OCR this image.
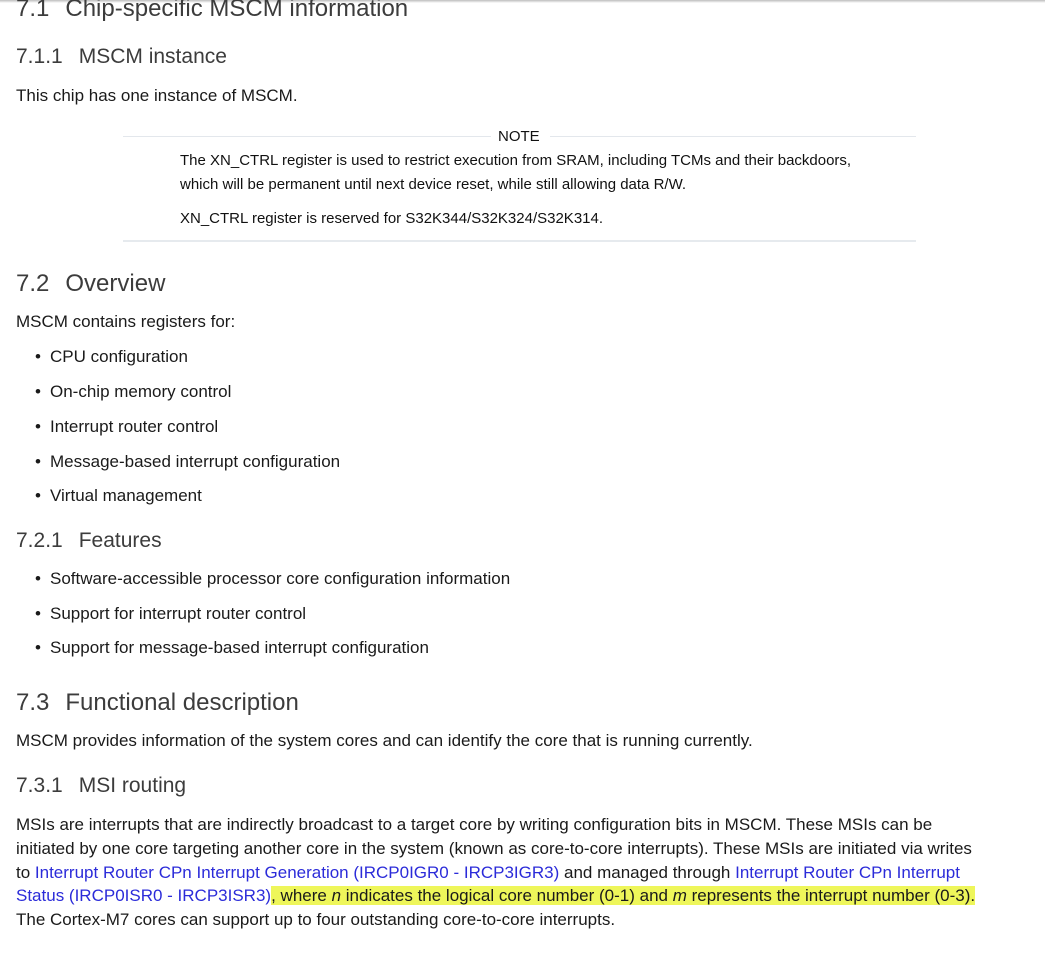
7.1 Chip-specific MSCM information
7.1.1 MSCM instance
This chip has one instance of MSCM.
NOTE
The XN_CTRL register is used to restrict execution from SRAM, including TCMs and their backdoors,
which will be permanent until next device reset, while still allowing data R/W.
XN_CTRL register is reserved for S32K344/S32K324/S32K314.
7.2 Overview
MSCM contains registers for:
• CPU configuration
• On-chip memory control
• Interrupt router control
• Message-based interrupt configuration
• Virtual management
7.2.1 Features
• Software-accessible processor core configuration information
• Support for interrupt router control
• Support for message-based interrupt configuration
7.3 Functional description
MSCM provides information of the system cores and can identify the core that is running currently.
7.3.1 MSI routing
MSIs are interrupts that are indirectly broadcast to a target core by writing configuration bits in MSCM. These MSIs can be
initiated by one core targeting another core in the system (known as core-to-core interrupts). These MSIs are initiated via writes
to Interrupt Router CPn Interrupt Generation (IRCP0IGR0 - IRCP3IGR3) and managed through Interrupt Router CPn Interrupt
Status (IRCP0ISR0 - IRCP3ISR3), where n indicates the logical core number (0-1) and m represents the interrupt number (0-3).
The Cortex-M7 cores can support up to four outstanding core-to-core interrupts.
